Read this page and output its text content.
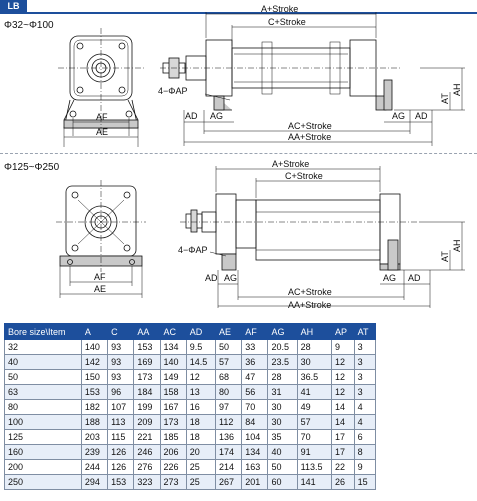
LB
Φ32~Φ100
Φ125~Φ250
A+Stroke
C+Stroke
4−ΦAP
AD AG	AG AD
AC+Stroke
AA+Stroke
AF
AE
AT
AH
A+Stroke
C+Stroke
4−ΦAP
AD AG	AG AD
AC+Stroke
AA+Stroke
AF
AE
AT
AH
Bore size\Item	A	C	AA	AC	AD	AE	AF	AG	AH	AP	AT
32	140	93	153	134	9.5	50	33	20.5	28	9	3
40	142	93	169	140	14.5	57	36	23.5	30	12	3
50	150	93	173	149	12	68	47	28	36.5	12	3
63	153	96	184	158	13	80	56	31	41	12	3
80	182	107	199	167	16	97	70	30	49	14	4
100	188	113	209	173	18	112	84	30	57	14	4
125	203	115	221	185	18	136	104	35	70	17	6
160	239	126	246	206	20	174	134	40	91	17	8
200	244	126	276	226	25	214	163	50	113.5	22	9
250	294	153	323	273	25	267	201	60	141	26	15
